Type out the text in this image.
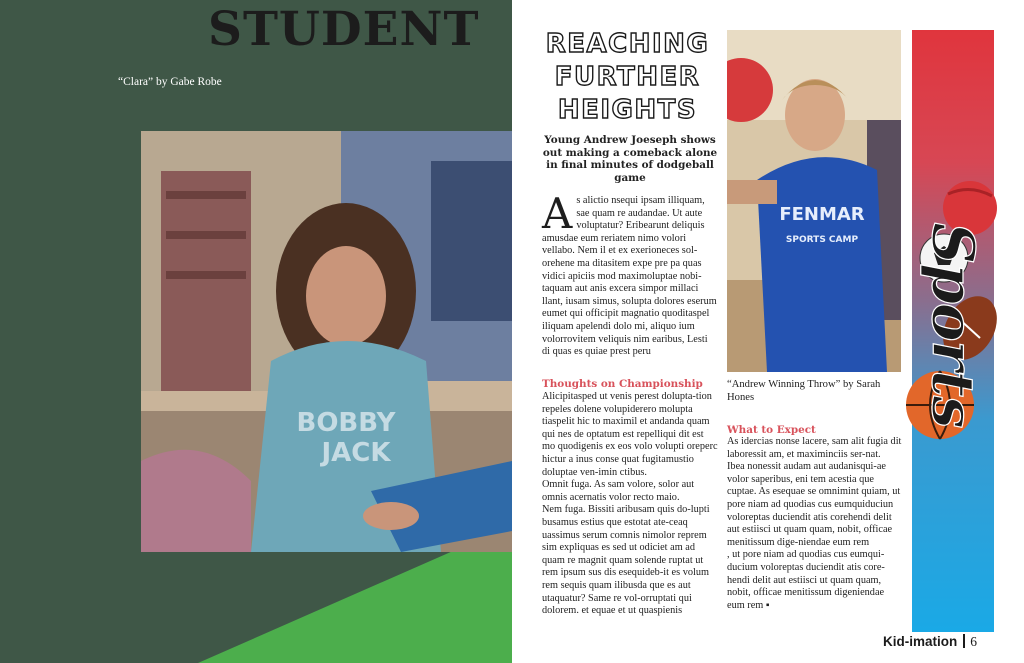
STUDENT
“Clara” by Gabe Robe
BOBBY
JACK
REACHING
FURTHER
HEIGHTS
Young Andrew Joeseph shows out making a comeback alone in final minutes of dodgeball game

As alictio nsequi ipsam illiquam, sae quam re audandae. Ut aute voluptatur? Eribearunt deliquis amusdae eum reriatem nimo volori vellabo. Nem il et ex exerioneces sol-orehene ma ditasitem expe pre pa quas vidici apiciis mod maximoluptae nobi-taquam aut anis excera simpor millaci llant, iusam simus, solupta dolores eserum eumet qui officipit magnatio quoditaspel iliquam apelendi dolo mi, aliquo ium volorrovitem veliquis nim earibus, Lesti di quas es quiae prest peru

Thoughts on Championship

Alicipitasped ut venis perest dolupta-tion repeles dolene volupiderero molupta tiaspelit hic to maximil et andanda quam qui nes de optatum est repelliqui dit est mo quodigenis ex eos volo volupti oreperc hictur a inus conse quat fugitamustio doluptae ven-imin ctibus.

Omnit fuga. As sam volore, solor aut omnis acernatis volor recto maio.

Nem fuga. Bissiti aribusam quis do-lupti busamus estius que estotat ate-ceaq uassimus serum comnis nimolor reprem sim expliquas es sed ut odiciet am ad quam re magnit quam solende ruptat ut rem ipsum sus dis esequideb-it es volum rem sequis quam ilibusda que es aut utaquatur? Same re vol-orruptati qui dolorem. et equae et ut quaspienis

FENMAR
SPORTS CAMP
“Andrew Winning Throw” by Sarah Hones
What to Expect

As idercias nonse lacere, sam alit fugia dit laboressit am, et maximinciis ser-nat.

Ibea nonessit audam aut audanisqui-ae volor saperibus, eni tem acestia que cuptae. As esequae se omnimint quiam, ut pore niam ad quodias cus eumquiduciun voloreptas duciendit atis corehendi delit aut estiisci ut quam quam, nobit, officae menitissum dige-niendae eum rem

, ut pore niam ad quodias cus eumqui-ducium voloreptas duciendit atis core-hendi delit aut estiisci ut quam quam, nobit, officae menitissum digeniendae eum rem ▪

Sports
Kid-imation 6
